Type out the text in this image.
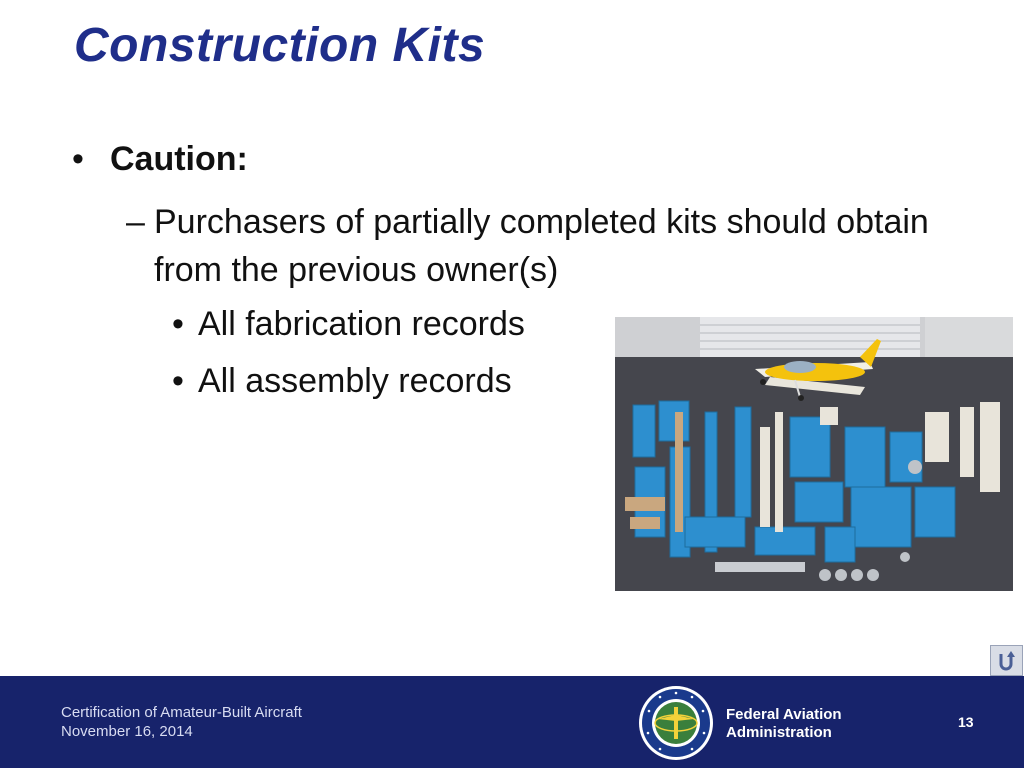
Construction Kits
• Caution:
– Purchasers of partially completed kits should obtain from the previous owner(s)
• All fabrication records
• All assembly records
Certification of Amateur-Built Aircraft
November 16, 2014
Federal Aviation
Administration
13
